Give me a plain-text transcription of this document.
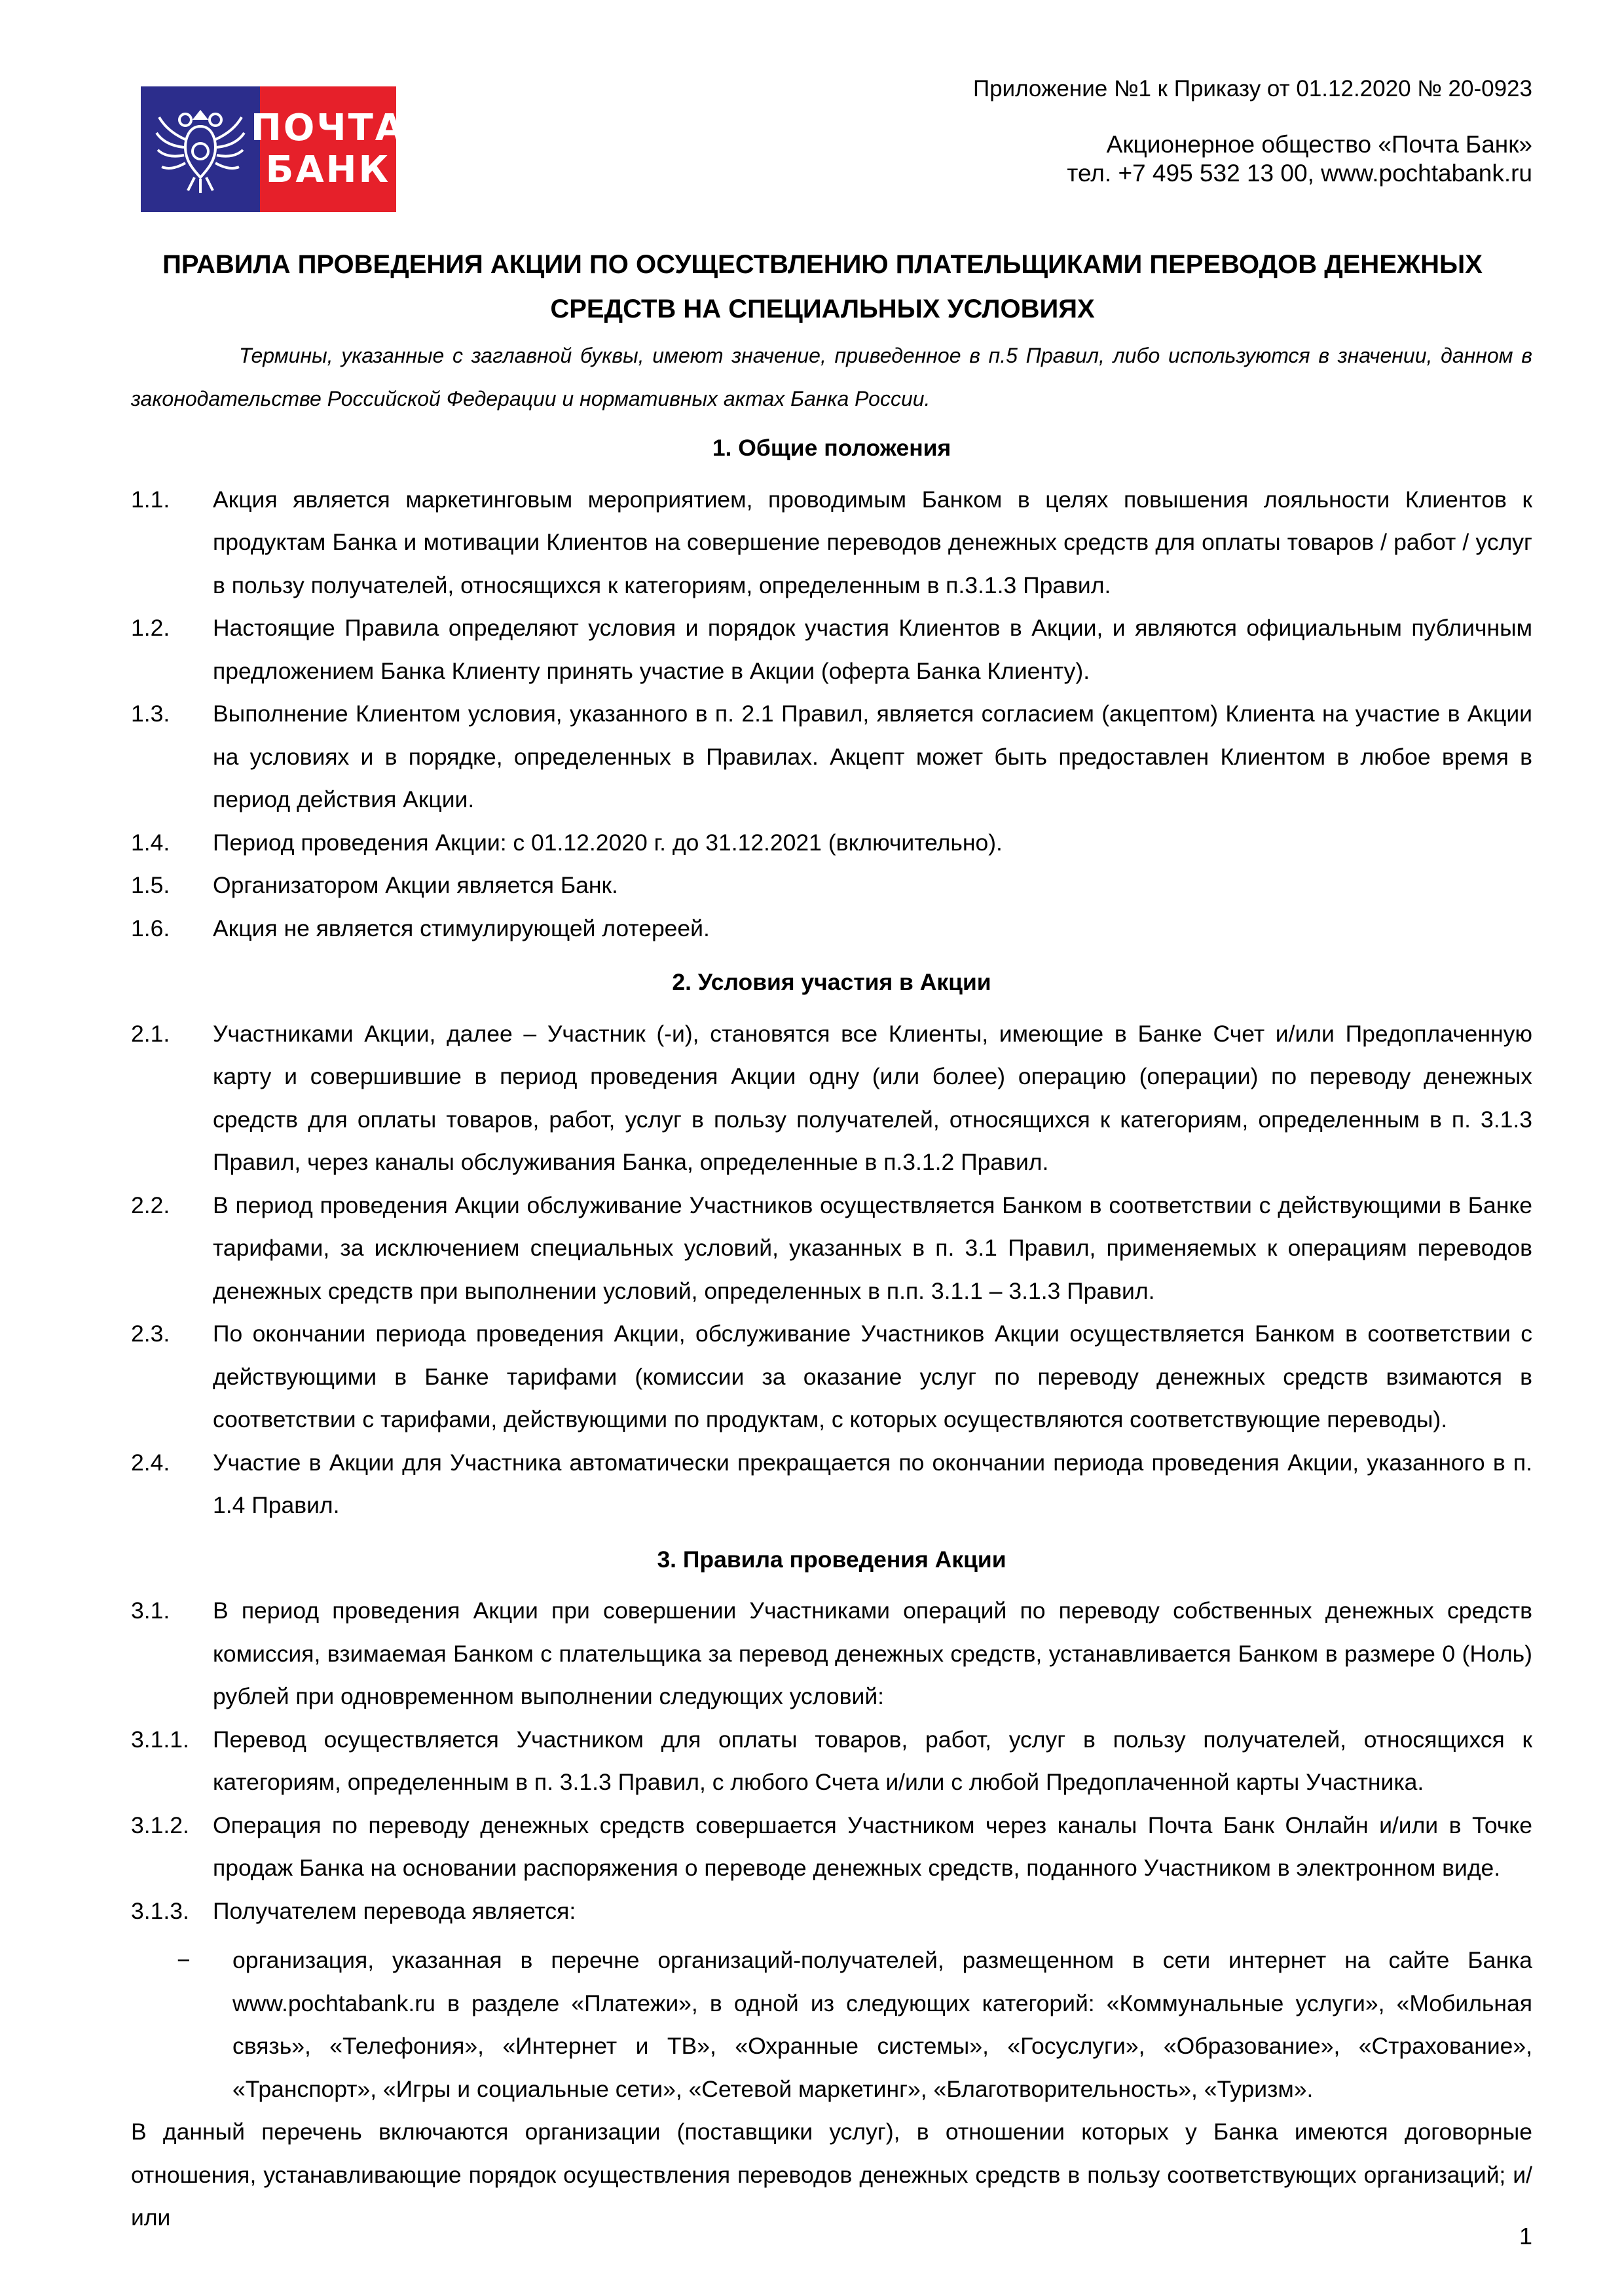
ПОЧТА
БАНК
Приложение №1 к Приказу от 01.12.2020 № 20-0923
Акционерное общество «Почта Банк»
тел. +7 495 532 13 00, www.pochtabank.ru
ПРАВИЛА ПРОВЕДЕНИЯ АКЦИИ ПО ОСУЩЕСТВЛЕНИЮ ПЛАТЕЛЬЩИКАМИ ПЕРЕВОДОВ ДЕНЕЖНЫХ
СРЕДСТВ НА СПЕЦИАЛЬНЫХ УСЛОВИЯХ
Термины, указанные с заглавной буквы, имеют значение, приведенное в п.5 Правил, либо используются в значении, данном в законодательстве Российской Федерации и нормативных актах Банка России.
1. Общие положения
1.1.	Акция является маркетинговым мероприятием, проводимым Банком в целях повышения лояльности Клиентов к продуктам Банка и мотивации Клиентов на совершение переводов денежных средств для оплаты товаров / работ / услуг в пользу получателей, относящихся к категориям, определенным в п.3.1.3 Правил.
1.2.	Настоящие Правила определяют условия и порядок участия Клиентов в Акции, и являются официальным публичным предложением Банка Клиенту принять участие в Акции (оферта Банка Клиенту).
1.3.	Выполнение Клиентом условия, указанного в п. 2.1 Правил, является согласием (акцептом) Клиента на участие в Акции на условиях и в порядке, определенных в Правилах. Акцепт может быть предоставлен Клиентом в любое время в период действия Акции.
1.4.	Период проведения Акции: с 01.12.2020 г. до 31.12.2021 (включительно).
1.5.	Организатором Акции является Банк.
1.6.	Акция не является стимулирующей лотереей.
2. Условия участия в Акции
2.1.	Участниками Акции, далее – Участник (-и), становятся все Клиенты, имеющие в Банке Счет и/или Предоплаченную карту и совершившие в период проведения Акции одну (или более) операцию (операции) по переводу денежных средств для оплаты товаров, работ, услуг в пользу получателей, относящихся к категориям, определенным в п. 3.1.3 Правил, через каналы обслуживания Банка, определенные в п.3.1.2 Правил.
2.2.	В период проведения Акции обслуживание Участников осуществляется Банком в соответствии с действующими в Банке тарифами, за исключением специальных условий, указанных в п. 3.1 Правил, применяемых к операциям переводов денежных средств при выполнении условий, определенных в п.п. 3.1.1 – 3.1.3 Правил.
2.3.	По окончании периода проведения Акции, обслуживание Участников Акции осуществляется Банком в соответствии с действующими в Банке тарифами (комиссии за оказание услуг по переводу денежных средств взимаются в соответствии с тарифами, действующими по продуктам, с которых осуществляются соответствующие переводы).
2.4.	Участие в Акции для Участника автоматически прекращается по окончании периода проведения Акции, указанного в п. 1.4 Правил.
3. Правила проведения Акции
3.1.	В период проведения Акции при совершении Участниками операций по переводу собственных денежных средств комиссия, взимаемая Банком с плательщика за перевод денежных средств, устанавливается Банком в размере 0 (Ноль) рублей при одновременном выполнении следующих условий:
3.1.1.	Перевод осуществляется Участником для оплаты товаров, работ, услуг в пользу получателей, относящихся к категориям, определенным в п. 3.1.3 Правил, с любого Счета и/или с любой Предоплаченной карты Участника.
3.1.2.	Операция по переводу денежных средств совершается Участником через каналы Почта Банк Онлайн и/или в Точке продаж Банка на основании распоряжения о переводе денежных средств, поданного Участником в электронном виде.
3.1.3.	Получателем перевода является:
−	организация, указанная в перечне организаций-получателей, размещенном в сети интернет на сайте Банка www.pochtabank.ru в разделе «Платежи», в одной из следующих категорий: «Коммунальные услуги», «Мобильная связь», «Телефония», «Интернет и ТВ», «Охранные системы», «Госуслуги», «Образование», «Страхование», «Транспорт», «Игры и социальные сети», «Сетевой маркетинг», «Благотворительность», «Туризм».
В данный перечень включаются организации (поставщики услуг), в отношении которых у Банка имеются договорные отношения, устанавливающие порядок осуществления переводов денежных средств в пользу соответствующих организаций; и/или
1
